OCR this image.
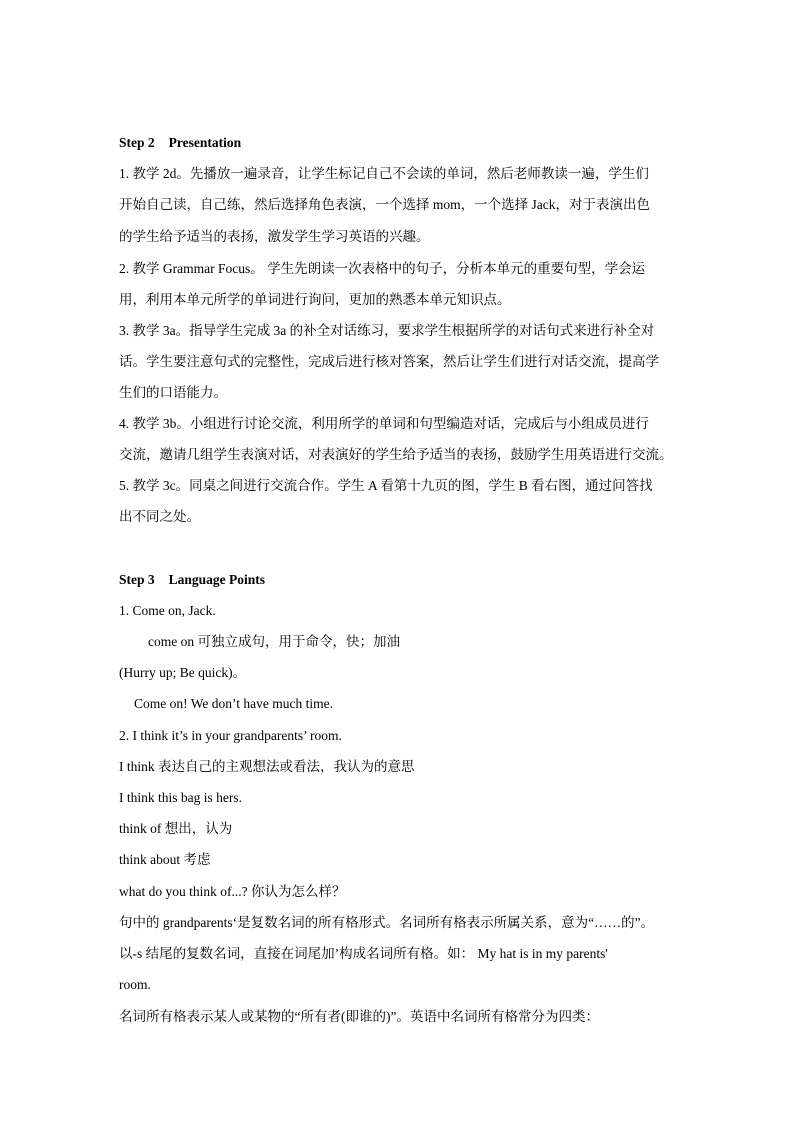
Step 2 Presentation
1. 教学 2d。先播放一遍录音，让学生标记自己不会读的单词，然后老师教读一遍，学生们
开始自己读，自己练，然后选择角色表演，一个选择 mom，一个选择 Jack，对于表演出色
的学生给予适当的表扬，激发学生学习英语的兴趣。
2. 教学 Grammar Focus。 学生先朗读一次表格中的句子，分析本单元的重要句型，学会运
用，利用本单元所学的单词进行询问，更加的熟悉本单元知识点。
3. 教学 3a。指导学生完成 3a 的补全对话练习，要求学生根据所学的对话句式来进行补全对
话。学生要注意句式的完整性，完成后进行核对答案，然后让学生们进行对话交流，提高学
生们的口语能力。
4. 教学 3b。小组进行讨论交流，利用所学的单词和句型编造对话，完成后与小组成员进行
交流，邀请几组学生表演对话，对表演好的学生给予适当的表扬，鼓励学生用英语进行交流。
5. 教学 3c。同桌之间进行交流合作。学生 A 看第十九页的图，学生 B 看右图，通过问答找
出不同之处。
Step 3 Language Points
1. Come on, Jack.
come on 可独立成句，用于命令，快；加油
(Hurry up; Be quick)。
Come on! We don’t have much time.
2. I think it’s in your grandparents’ room.
I think 表达自己的主观想法或看法，我认为的意思
I think this bag is hers.
think of 想出，认为
think about 考虑
what do you think of...? 你认为怎么样？
句中的 grandparents‘是复数名词的所有格形式。名词所有格表示所属关系，意为“……的”。
以-s 结尾的复数名词，直接在词尾加’构成名词所有格。如： My hat is in my parents'
room.
名词所有格表示某人或某物的“所有者(即谁的)”。英语中名词所有格常分为四类：
